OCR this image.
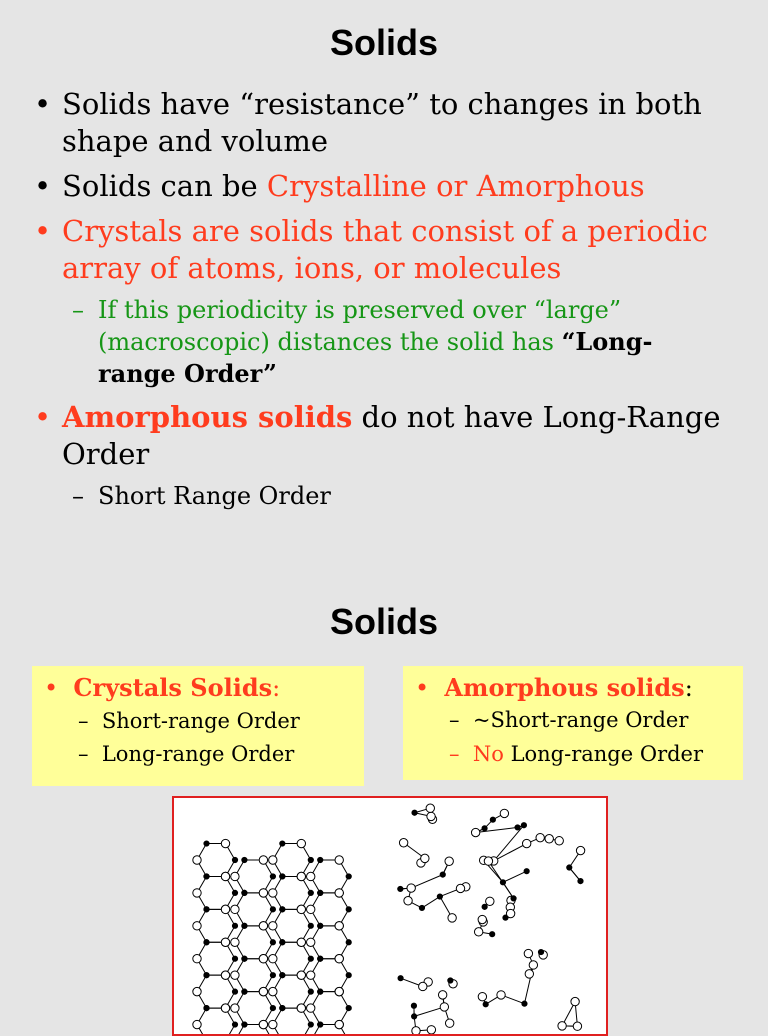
Solids
• Solids have “resistance” to changes in both shape and volume
• Solids can be Crystalline or Amorphous
• Crystals are solids that consist of a periodic array of atoms, ions, or molecules
– If this periodicity is preserved over “large” (macroscopic) distances the solid has “Long-range Order”
• Amorphous solids do not have Long-Range Order
– Short Range Order
Solids
• Crystals Solids:
– Short-range Order
– Long-range Order
• Amorphous solids:
– ~Short-range Order
– No Long-range Order
